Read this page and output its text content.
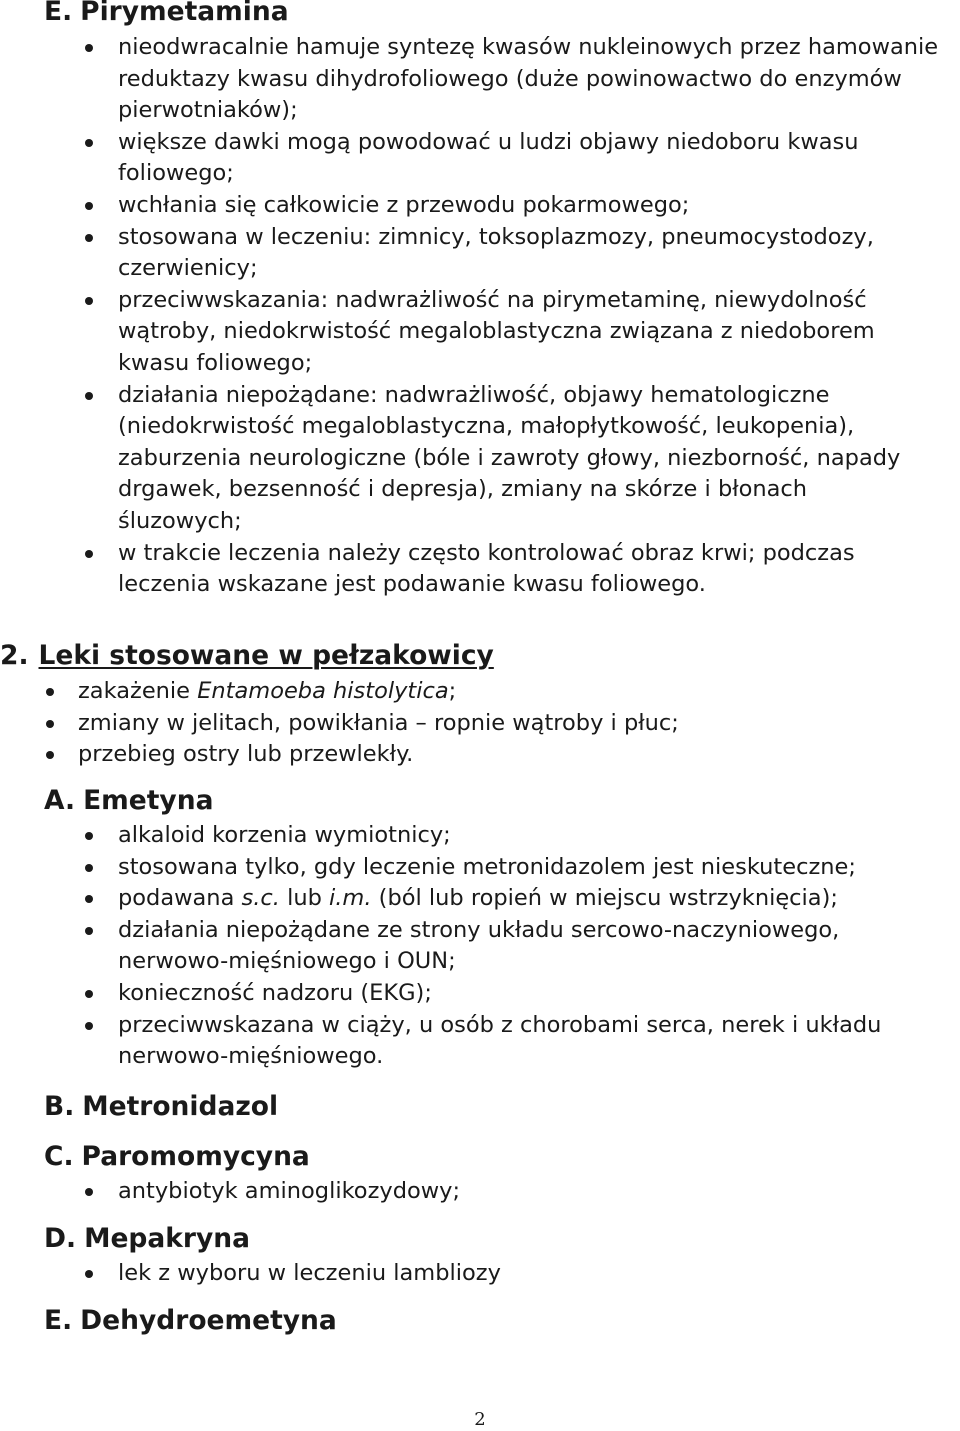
E. Pirymetamina
nieodwracalnie hamuje syntezę kwasów nukleinowych przez hamowanie
reduktazy kwasu dihydrofoliowego (duże powinowactwo do enzymów
pierwotniaków);
większe dawki mogą powodować u ludzi objawy niedoboru kwasu
foliowego;
wchłania się całkowicie z przewodu pokarmowego;
stosowana w leczeniu: zimnicy, toksoplazmozy, pneumocystodozy,
czerwienicy;
przeciwwskazania: nadwrażliwość na pirymetaminę, niewydolność
wątroby, niedokrwistość megaloblastyczna związana z niedoborem
kwasu foliowego;
działania niepożądane: nadwrażliwość, objawy hematologiczne
(niedokrwistość megaloblastyczna, małopłytkowość, leukopenia),
zaburzenia neurologiczne (bóle i zawroty głowy, niezborność, napady
drgawek, bezsenność i depresja), zmiany na skórze i błonach
śluzowych;
w trakcie leczenia należy często kontrolować obraz krwi; podczas
leczenia wskazane jest podawanie kwasu foliowego.
2. Leki stosowane w pełzakowicy
zakażenie Entamoeba histolytica;
zmiany w jelitach, powikłania – ropnie wątroby i płuc;
przebieg ostry lub przewlekły.
A. Emetyna
alkaloid korzenia wymiotnicy;
stosowana tylko, gdy leczenie metronidazolem jest nieskuteczne;
podawana s.c. lub i.m. (ból lub ropień w miejscu wstrzyknięcia);
działania niepożądane ze strony układu sercowo-naczyniowego,
nerwowo-mięśniowego i OUN;
konieczność nadzoru (EKG);
przeciwwskazana w ciąży, u osób z chorobami serca, nerek i układu
nerwowo-mięśniowego.
B. Metronidazol
C. Paromomycyna
antybiotyk aminoglikozydowy;
D. Mepakryna
lek z wyboru w leczeniu lambliozy
E. Dehydroemetyna
2
